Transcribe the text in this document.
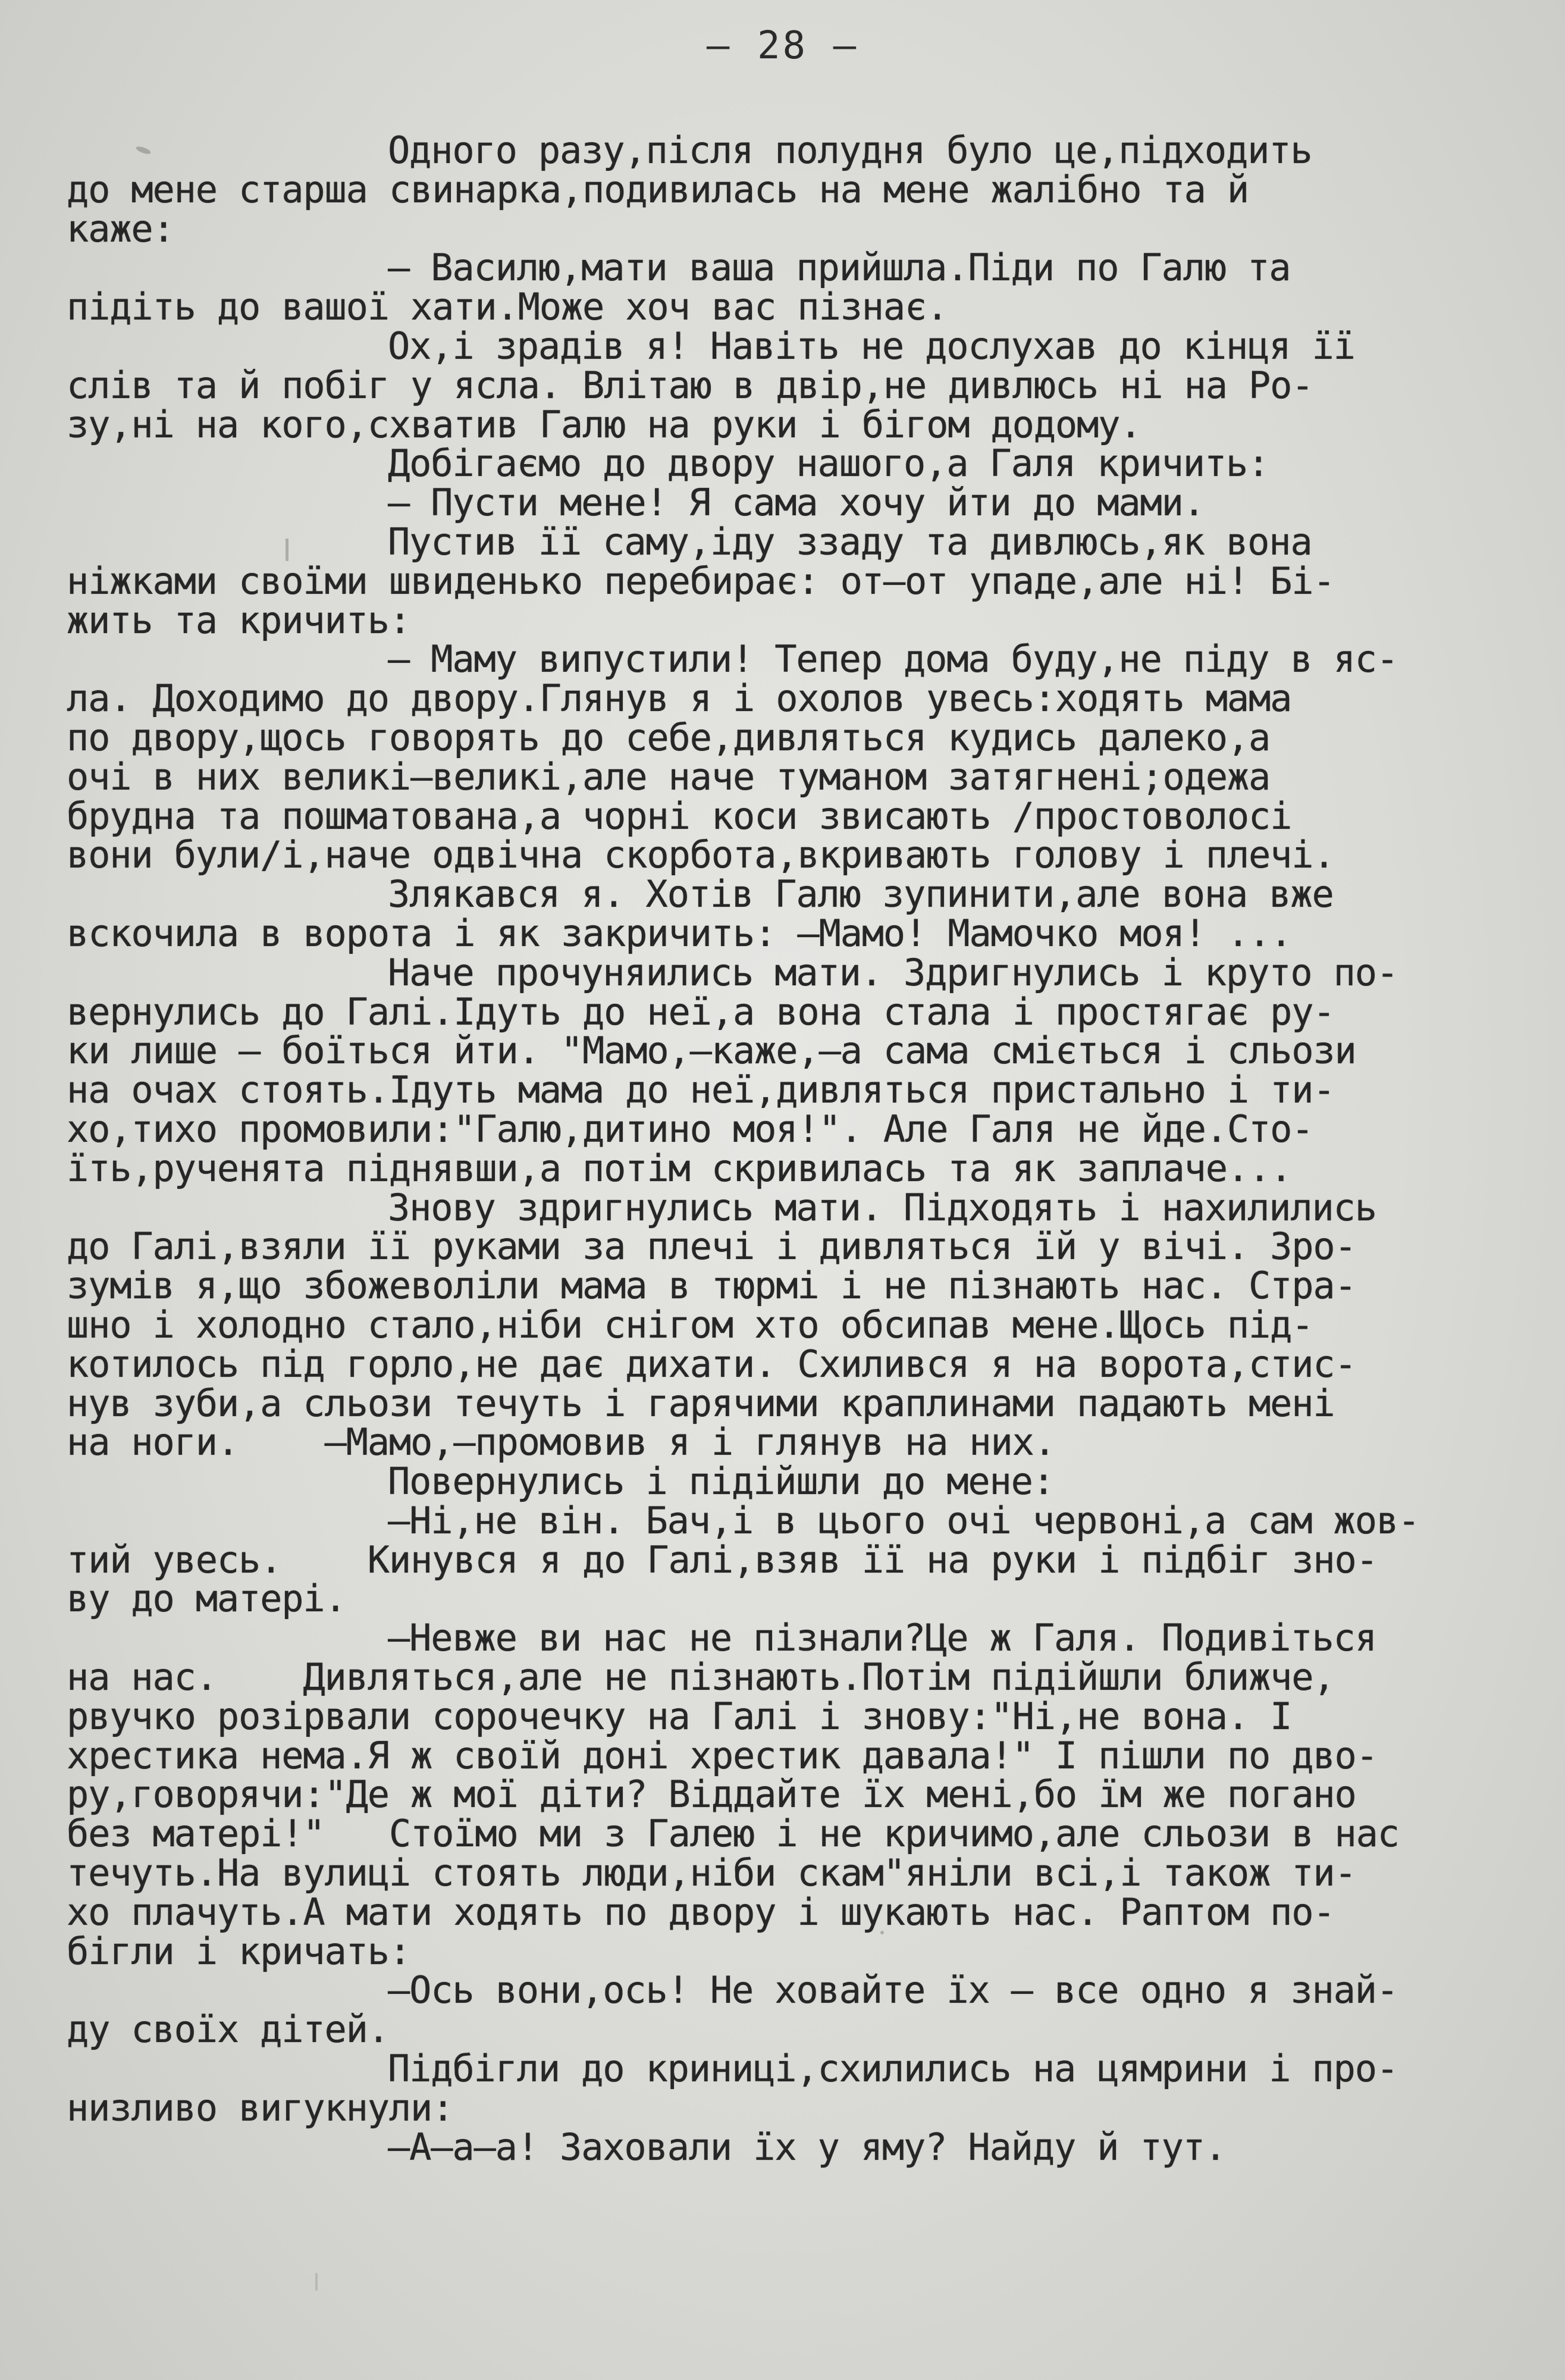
– 28 –
Одного разу,після полудня було це,підходить
до мене старша свинарка,подивилась на мене жалібно та й
каже:
– Василю,мати ваша прийшла.Піди по Галю та
підіть до вашої хати.Може хоч вас пізнає.
Ох,і зрадів я! Навіть не дослухав до кінця її
слів та й побіг у ясла. Влітаю в двір,не дивлюсь ні на Ро-
зу,ні на кого,схватив Галю на руки і бігом додому.
Добігаємо до двору нашого,а Галя кричить:
– Пусти мене! Я сама хочу йти до мами.
Пустив її саму,іду ззаду та дивлюсь,як вона
ніжками своїми швиденько перебирає: от–от упаде,але ні! Бі-
жить та кричить:
– Маму випустили! Тепер дома буду,не піду в яс-
ла. Доходимо до двору.Глянув я і охолов увесь:ходять мама
по двору,щось говорять до себе,дивляться кудись далеко,а
очі в них великі–великі,але наче туманом затягнені;одежа
брудна та пошматована,а чорні коси звисають /простоволосі
вони були/і,наче одвічна скорбота,вкривають голову і плечі.
Злякався я. Хотів Галю зупинити,але вона вже
вскочила в ворота і як закричить: –Мамо! Мамочко моя! ...
Наче прочуняились мати. Здригнулись і круто по-
вернулись до Галі.Ідуть до неї,а вона стала і простягає ру-
ки лише – боїться йти. "Мамо,–каже,–а сама сміється і сльози
на очах стоять.Ідуть мама до неї,дивляться пристально і ти-
хо,тихо промовили:"Галю,дитино моя!". Але Галя не йде.Сто-
їть,рученята піднявши,а потім скривилась та як заплаче...
Знову здригнулись мати. Підходять і нахилились
до Галі,взяли її руками за плечі і дивляться їй у вічі. Зро-
зумів я,що збожеволіли мама в тюрмі і не пізнають нас. Стра-
шно і холодно стало,ніби снігом хто обсипав мене.Щось під-
котилось під горло,не дає дихати. Схилився я на ворота,стис-
нув зуби,а сльози течуть і гарячими краплинами падають мені
на ноги.    –Мамо,–промовив я і глянув на них.
Повернулись і підійшли до мене:
–Ні,не він. Бач,і в цього очі червоні,а сам жов-
тий увесь.    Кинувся я до Галі,взяв її на руки і підбіг зно-
ву до матері.
–Невже ви нас не пізнали?Це ж Галя. Подивіться
на нас.    Дивляться,але не пізнають.Потім підійшли ближче,
рвучко розірвали сорочечку на Галі і знову:"Ні,не вона. І
хрестика нема.Я ж своїй доні хрестик давала!" І пішли по дво-
ру,говорячи:"Де ж мої діти? Віддайте їх мені,бо їм же погано
без матері!"   Стоїмо ми з Галею і не кричимо,але сльози в нас
течуть.На вулиці стоять люди,ніби скам"яніли всі,і також ти-
хо плачуть.А мати ходять по двору і шукають нас. Раптом по-
бігли і кричать:
–Ось вони,ось! Не ховайте їх – все одно я знай-
ду своїх дітей.
Підбігли до криниці,схилились на цямрини і про-
низливо вигукнули:
–А–а–а! Заховали їх у яму? Найду й тут.
